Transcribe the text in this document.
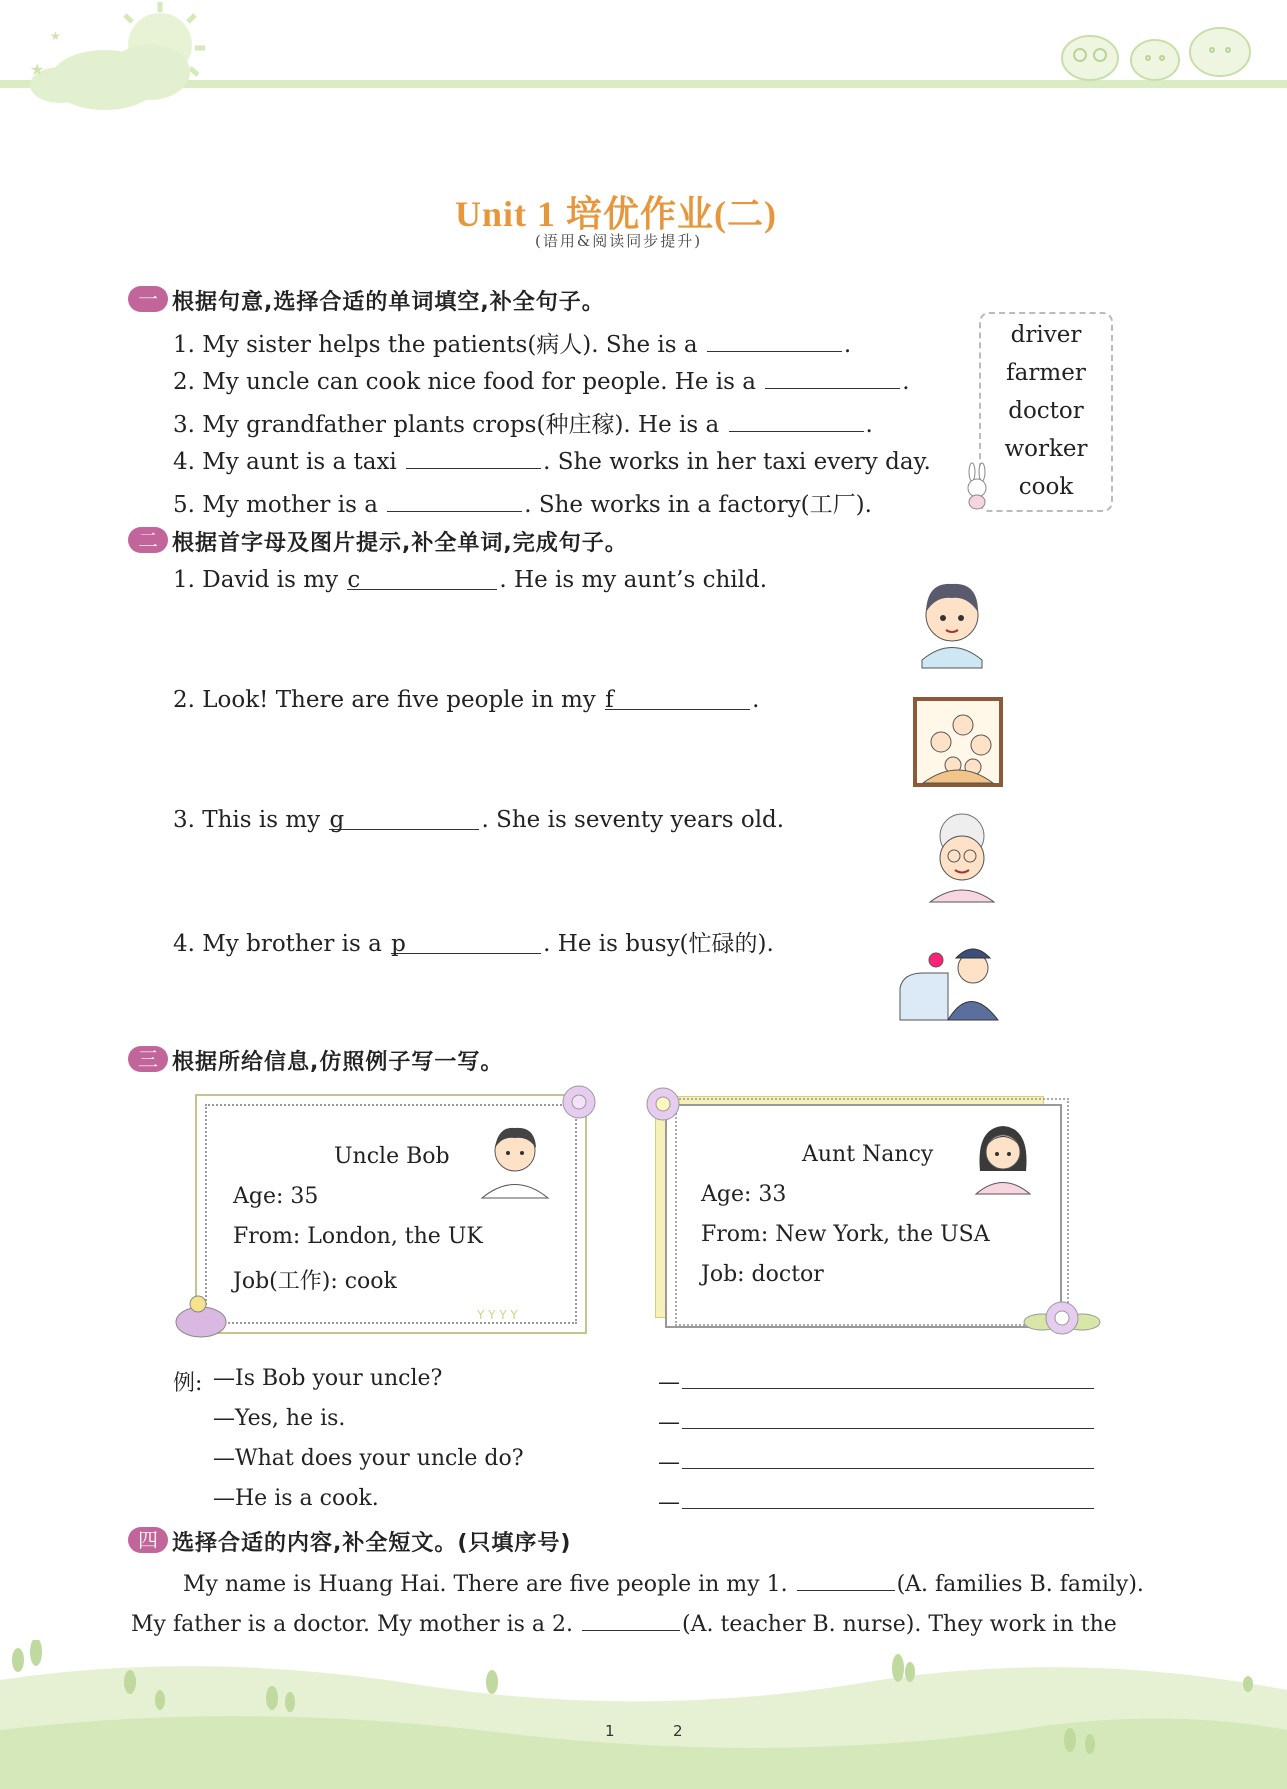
★
★
Unit 1 培优作业(二)
(语用&阅读同步提升)
一 根据句意,选择合适的单词填空,补全句子。
1. My sister helps the patients(病人). She is a	.
2. My uncle can cook nice food for people. He is a	.
3. My grandfather plants crops(种庄稼). He is a	.
4. My aunt is a taxi	. She works in her taxi every day.
5. My mother is a	. She works in a factory(工厂).
driver
farmer
doctor
worker
cook
二 根据首字母及图片提示,补全单词,完成句子。
1. David is my c	. He is my aunt’s child.
2. Look! There are five people in my f	.
3. This is my g	. She is seventy years old.
4. My brother is a p	. He is busy(忙碌的).
三 根据所给信息,仿照例子写一写。
Uncle Bob
Age: 35
From: London, the UK
Job(工作): cook
Y Y Y Y
Aunt Nancy
Age: 33
From: New York, the USA
Job: doctor
例: —Is Bob your uncle?
—Yes, he is.
—What does your uncle do?
—He is a cook.
—
—
—
—
四 选择合适的内容,补全短文。(只填序号)
My name is Huang Hai. There are five people in my 1.	(A. families B. family).
My father is a doctor. My mother is a 2.	(A. teacher B. nurse). They work in the
1	2
